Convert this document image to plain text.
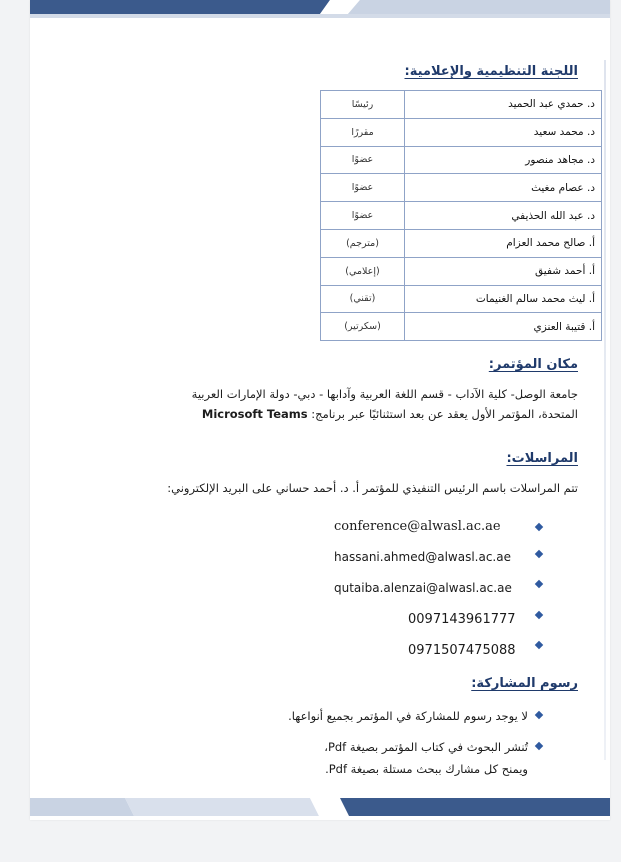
اللجنة التنظيمية والإعلامية:
د. حمدي عبد الحميد	رئيسًا
د. محمد سعيد	مقررًا
د. مجاهد منصور	عضوًا
د. عصام مغيث	عضوًا
د. عبد الله الحذيفي	عضوًا
أ. صالح محمد العزام	(مترجم)
أ. أحمد شفيق	(إعلامي)
أ. ليث محمد سالم الغنيمات	(تقني)
أ. قتيبة العنزي	(سكرتير)
مكان المؤتمر:
جامعة الوصل- كلية الآداب - قسم اللغة العربية وآدابها - دبي- دولة الإمارات العربية
المتحدة، المؤتمر الأول يعقد عن بعد استثنائيًا عبر برنامج: Microsoft Teams
المراسلات:
تتم المراسلات باسم الرئيس التنفيذي للمؤتمر أ. د. أحمد حساني على البريد الإلكتروني:
conference@alwasl.ac.ae
hassani.ahmed@alwasl.ac.ae
qutaiba.alenzai@alwasl.ac.ae
0097143961777
0971507475088
رسوم المشاركة:
لا يوجد رسوم للمشاركة في المؤتمر بجميع أنواعها.
تُنشر البحوث في كتاب المؤتمر بصيغة Pdf،
ويمنح كل مشارك ببحث مستلة بصيغة Pdf.
